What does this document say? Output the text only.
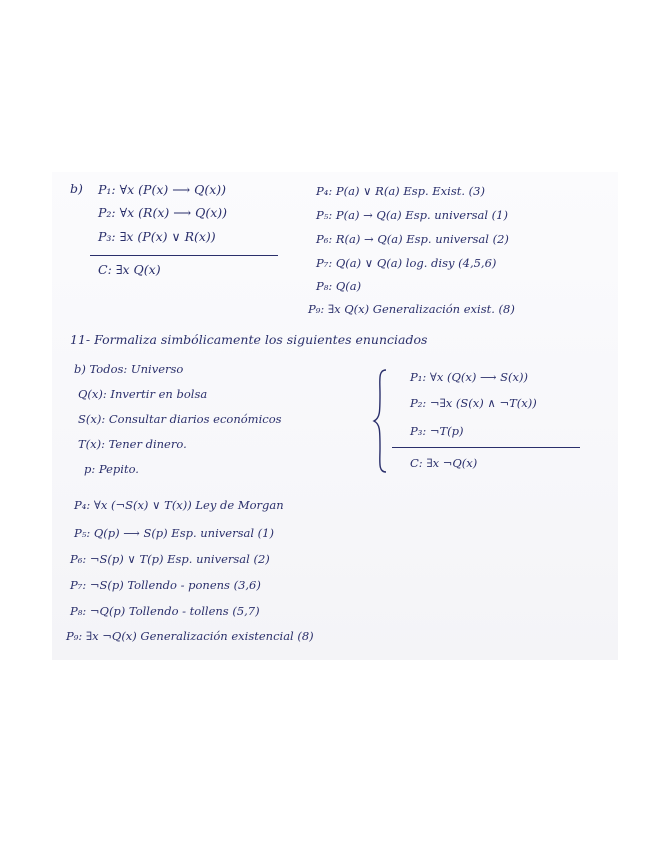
b) P₁: ∀x (P(x) ⟶ Q(x))
P₂: ∀x (R(x) ⟶ Q(x))
P₃: ∃x (P(x) ∨ R(x))
C: ∃x Q(x)
P₄: P(a) ∨ R(a) Esp. Exist. (3)
P₅: P(a) → Q(a) Esp. universal (1)
P₆: R(a) → Q(a) Esp. universal (2)
P₇: Q(a) ∨ Q(a) log. disy (4,5,6)
P₈: Q(a)
P₉: ∃x Q(x) Generalización exist. (8)
11- Formaliza simbólicamente los siguientes enunciados
b) Todos: Universo
Q(x): Invertir en bolsa
S(x): Consultar diarios económicos
T(x): Tener dinero.
p: Pepito.
P₁: ∀x (Q(x) ⟶ S(x))
P₂: ¬∃x (S(x) ∧ ¬T(x))
P₃: ¬T(p)
C: ∃x ¬Q(x)
P₄: ∀x (¬S(x) ∨ T(x)) Ley de Morgan
P₅: Q(p) ⟶ S(p) Esp. universal (1)
P₆: ¬S(p) ∨ T(p) Esp. universal (2)
P₇: ¬S(p) Tollendo - ponens (3,6)
P₈: ¬Q(p) Tollendo - tollens (5,7)
P₉: ∃x ¬Q(x) Generalización existencial (8)
